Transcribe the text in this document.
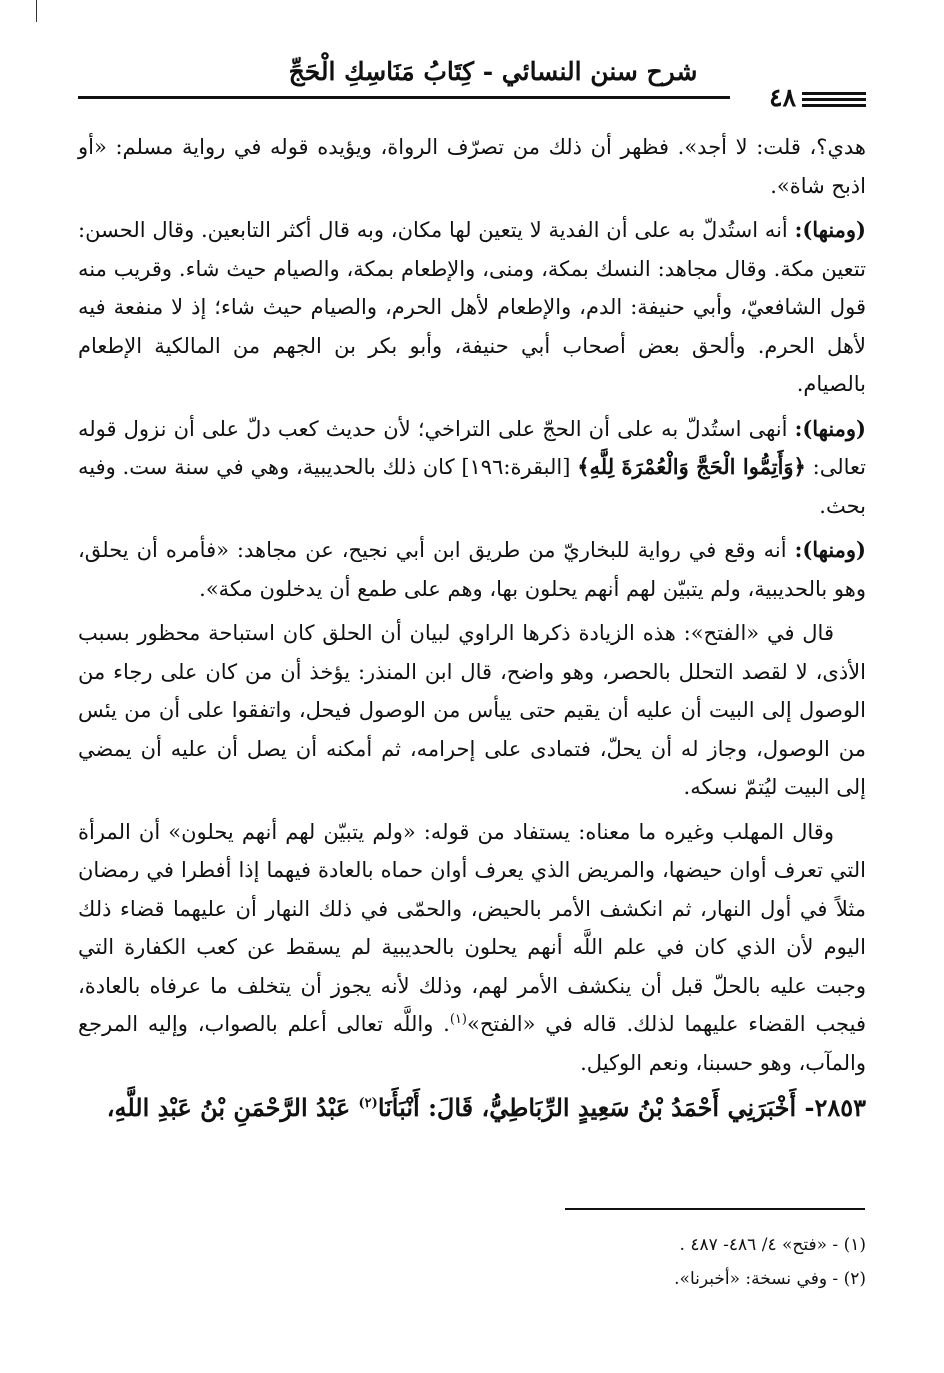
شرح سنن النسائي - كِتَابُ مَنَاسِكِ الْحَجِّ
٤٨

هدي؟، قلت: لا أجد». فظهر أن ذلك من تصرّف الرواة، ويؤيده قوله في رواية مسلم: «أو اذبح شاة».

(ومنها): أنه استُدلّ به على أن الفدية لا يتعين لها مكان، وبه قال أكثر التابعين. وقال الحسن: تتعين مكة. وقال مجاهد: النسك بمكة، ومنى، والإطعام بمكة، والصيام حيث شاء. وقريب منه قول الشافعيّ، وأبي حنيفة: الدم، والإطعام لأهل الحرم، والصيام حيث شاء؛ إذ لا منفعة فيه لأهل الحرم. وألحق بعض أصحاب أبي حنيفة، وأبو بكر بن الجهم من المالكية الإطعام بالصيام.

(ومنها): أنهى استُدلّ به على أن الحجّ على التراخي؛ لأن حديث كعب دلّ على أن نزول قوله تعالى: ﴿وَأَتِمُّوا الْحَجَّ وَالْعُمْرَةَ لِلَّهِ﴾ [البقرة:١٩٦] كان ذلك بالحديبية، وهي في سنة ست. وفيه بحث.

(ومنها): أنه وقع في رواية للبخاريّ من طريق ابن أبي نجيح، عن مجاهد: «فأمره أن يحلق، وهو بالحديبية، ولم يتبيّن لهم أنهم يحلون بها، وهم على طمع أن يدخلون مكة».

قال في «الفتح»: هذه الزيادة ذكرها الراوي لبيان أن الحلق كان استباحة محظور بسبب الأذى، لا لقصد التحلل بالحصر، وهو واضح، قال ابن المنذر: يؤخذ أن من كان على رجاء من الوصول إلى البيت أن عليه أن يقيم حتى ييأس من الوصول فيحل، واتفقوا على أن من يئس من الوصول، وجاز له أن يحلّ، فتمادى على إحرامه، ثم أمكنه أن يصل أن عليه أن يمضي إلى البيت ليُتمّ نسكه.

وقال المهلب وغيره ما معناه: يستفاد من قوله: «ولم يتبيّن لهم أنهم يحلون» أن المرأة التي تعرف أوان حيضها، والمريض الذي يعرف أوان حماه بالعادة فيهما إذا أفطرا في رمضان مثلاً في أول النهار، ثم انكشف الأمر بالحيض، والحمّى في ذلك النهار أن عليهما قضاء ذلك اليوم لأن الذي كان في علم اللَّه أنهم يحلون بالحديبية لم يسقط عن كعب الكفارة التي وجبت عليه بالحلّ قبل أن ينكشف الأمر لهم، وذلك لأنه يجوز أن يتخلف ما عرفاه بالعادة، فيجب القضاء عليهما لذلك. قاله في «الفتح»$^{(١)}$. واللَّه تعالى أعلم بالصواب، وإليه المرجع والمآب، وهو حسبنا، ونعم الوكيل.

٢٨٥٣- أَخْبَرَنِي أَحْمَدُ بْنُ سَعِيدٍ الرِّبَاطِيُّ، قَالَ: أَنْبَأَنَا$^{(٢)}$ عَبْدُ الرَّحْمَنِ بْنُ عَبْدِ اللَّهِ،

(١) - «فتح» ٤/ ٤٨٦- ٤٨٧ .
(٢) - وفي نسخة: «أخبرنا».
